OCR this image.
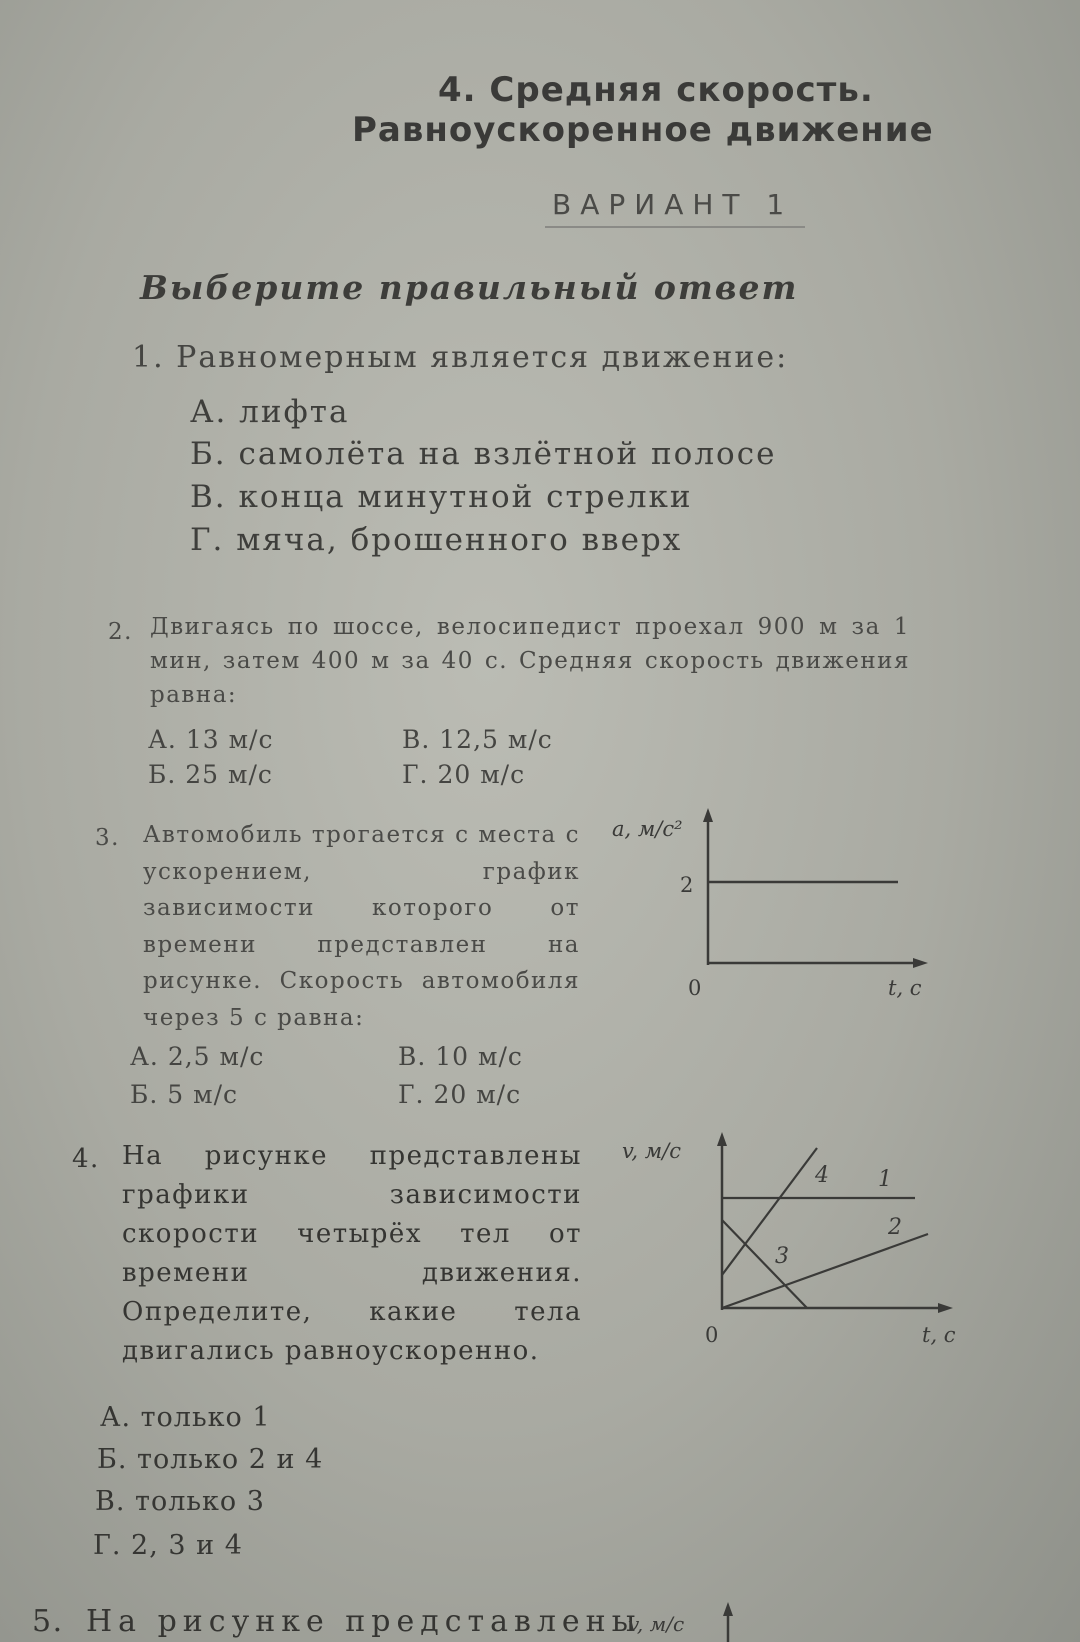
4. Средняя скорость.
Равноускоренное движение
ВАРИАНТ 1
Выберите правильный ответ
1. Равномерным является движение:
А. лифта
Б. самолёта на взлётной полосе
В. конца минутной стрелки
Г. мяча, брошенного вверх
2. Двигаясь по шоссе, велосипедист проехал 900 м за 1 мин, затем 400 м за 40 с. Средняя скорость движения равна:
А. 13 м/с	В. 12,5 м/с
Б. 25 м/с	Г. 20 м/с
3. Автомобиль трогается с места с ускорением, график зависимости которого от времени представлен на рисунке. Скорость автомобиля через 5 с равна:
А. 2,5 м/с	В. 10 м/с
Б. 5 м/с	Г. 20 м/с
a, м/с²
2
0	t, с
4. На рисунке представлены графики зависимости скорости четырёх тел от времени движения. Определите, какие тела двигались равноускоренно.
А. только 1
Б. только 2 и 4
В. только 3
Г. 2, 3 и 4
v, м/с
1
2
3
4
0	t, с
5. На рисунке представлены
v, м/с
